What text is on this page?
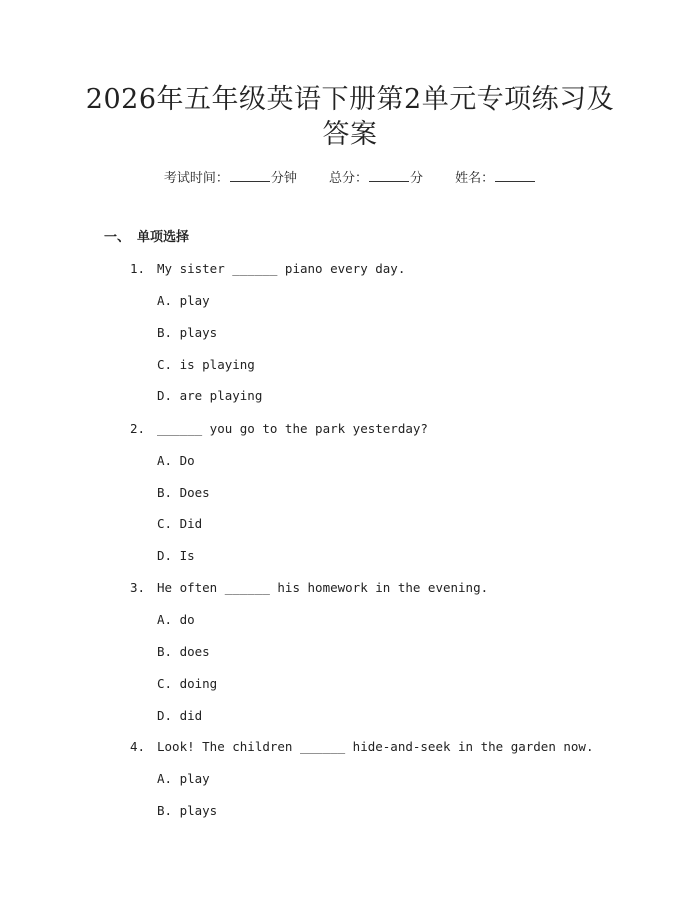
2026年五年级英语下册第2单元专项练习及
答案
考试时间：	分钟 总分：	分 姓名：
一、 单项选择
1. My sister ______ piano every day.
A. play
B. plays
C. is playing
D. are playing
2. ______ you go to the park yesterday?
A. Do
B. Does
C. Did
D. Is
3. He often ______ his homework in the evening.
A. do
B. does
C. doing
D. did
4. Look! The children ______ hide-and-seek in the garden now.
A. play
B. plays
